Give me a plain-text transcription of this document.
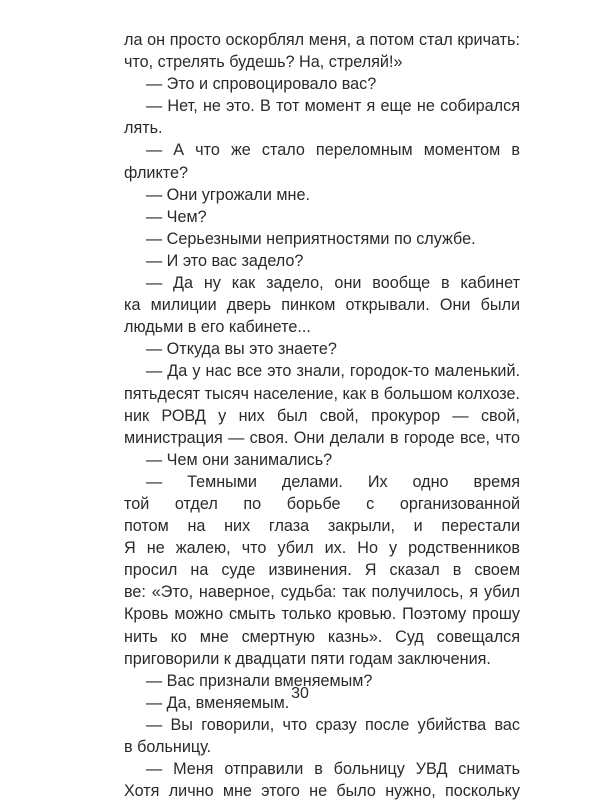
ла он просто оскорблял меня, а потом стал кричать:
что, стрелять будешь? На, стреляй!»
— Это и спровоцировало вас?
— Нет, не это. В тот момент я еще не собирался
лять.
— А что же стало переломным моментом в
фликте?
— Они угрожали мне.
— Чем?
— Серьезными неприятностями по службе.
— И это вас задело?
— Да ну как задело, они вообще в кабинет
ка милиции дверь пинком открывали. Они были
людьми в его кабинете...
— Откуда вы это знаете?
— Да у нас все это знали, городок-то маленький.
пятьдесят тысяч население, как в большом колхозе.
ник РОВД у них был свой, прокурор — свой,
министрация — своя. Они делали в городе все, что
— Чем они занимались?
— Темными делами. Их одно время
той отдел по борьбе с организованной
потом на них глаза закрыли, и перестали
Я не жалею, что убил их. Но у родственников
просил на суде извинения. Я сказал в своем
ве: «Это, наверное, судьба: так получилось, я убил
Кровь можно смыть только кровью. Поэтому прошу
нить ко мне смертную казнь». Суд совещался
приговорили к двадцати пяти годам заключения.
— Вас признали вменяемым?
— Да, вменяемым.
— Вы говорили, что сразу после убийства вас
в больницу.
— Меня отправили в больницу УВД снимать
Хотя лично мне этого не было нужно, поскольку
30
